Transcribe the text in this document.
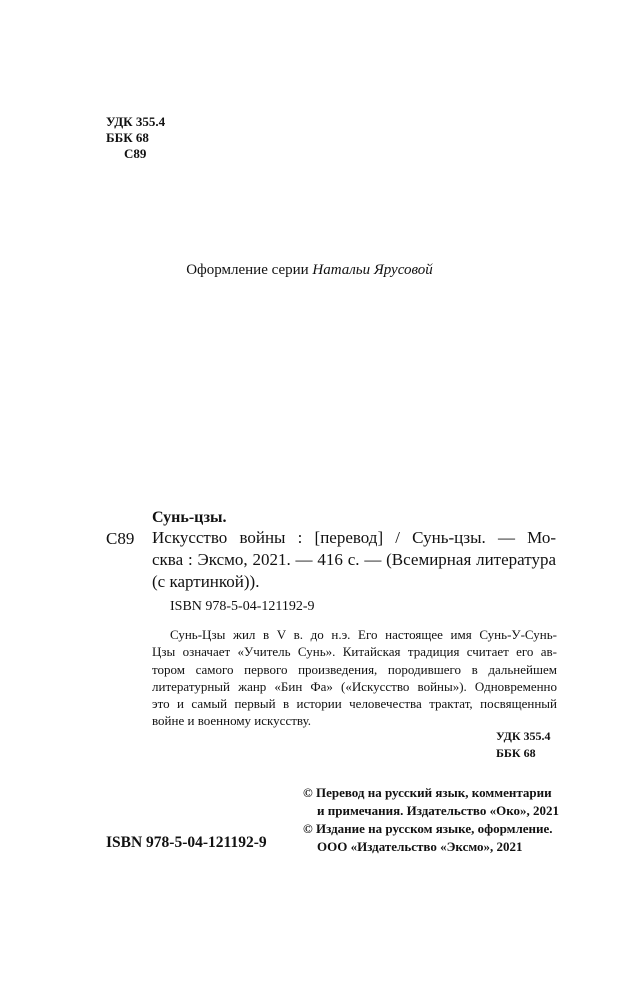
УДК 355.4
ББК 68
С89
Оформление серии Натальи Ярусовой
Сунь-цзы.
С89 Искусство войны : [перевод] / Сунь-цзы. — Мо-
сква : Эксмо, 2021. — 416 с. — (Всемирная литература
(с картинкой)).
ISBN 978-5-04-121192-9
Сунь-Цзы жил в V в. до н.э. Его настоящее имя Сунь-У-Сунь-
Цзы означает «Учитель Сунь». Китайская традиция считает его ав-
тором самого первого произведения, породившего в дальнейшем
литературный жанр «Бин Фа» («Искусство войны»). Одновременно
это и самый первый в истории человечества трактат, посвященный
войне и военному искусству.
УДК 355.4
ББК 68
© Перевод на русский язык, комментарии
и примечания. Издательство «Око», 2021
© Издание на русском языке, оформление.
ООО «Издательство «Эксмо», 2021
ISBN 978-5-04-121192-9
